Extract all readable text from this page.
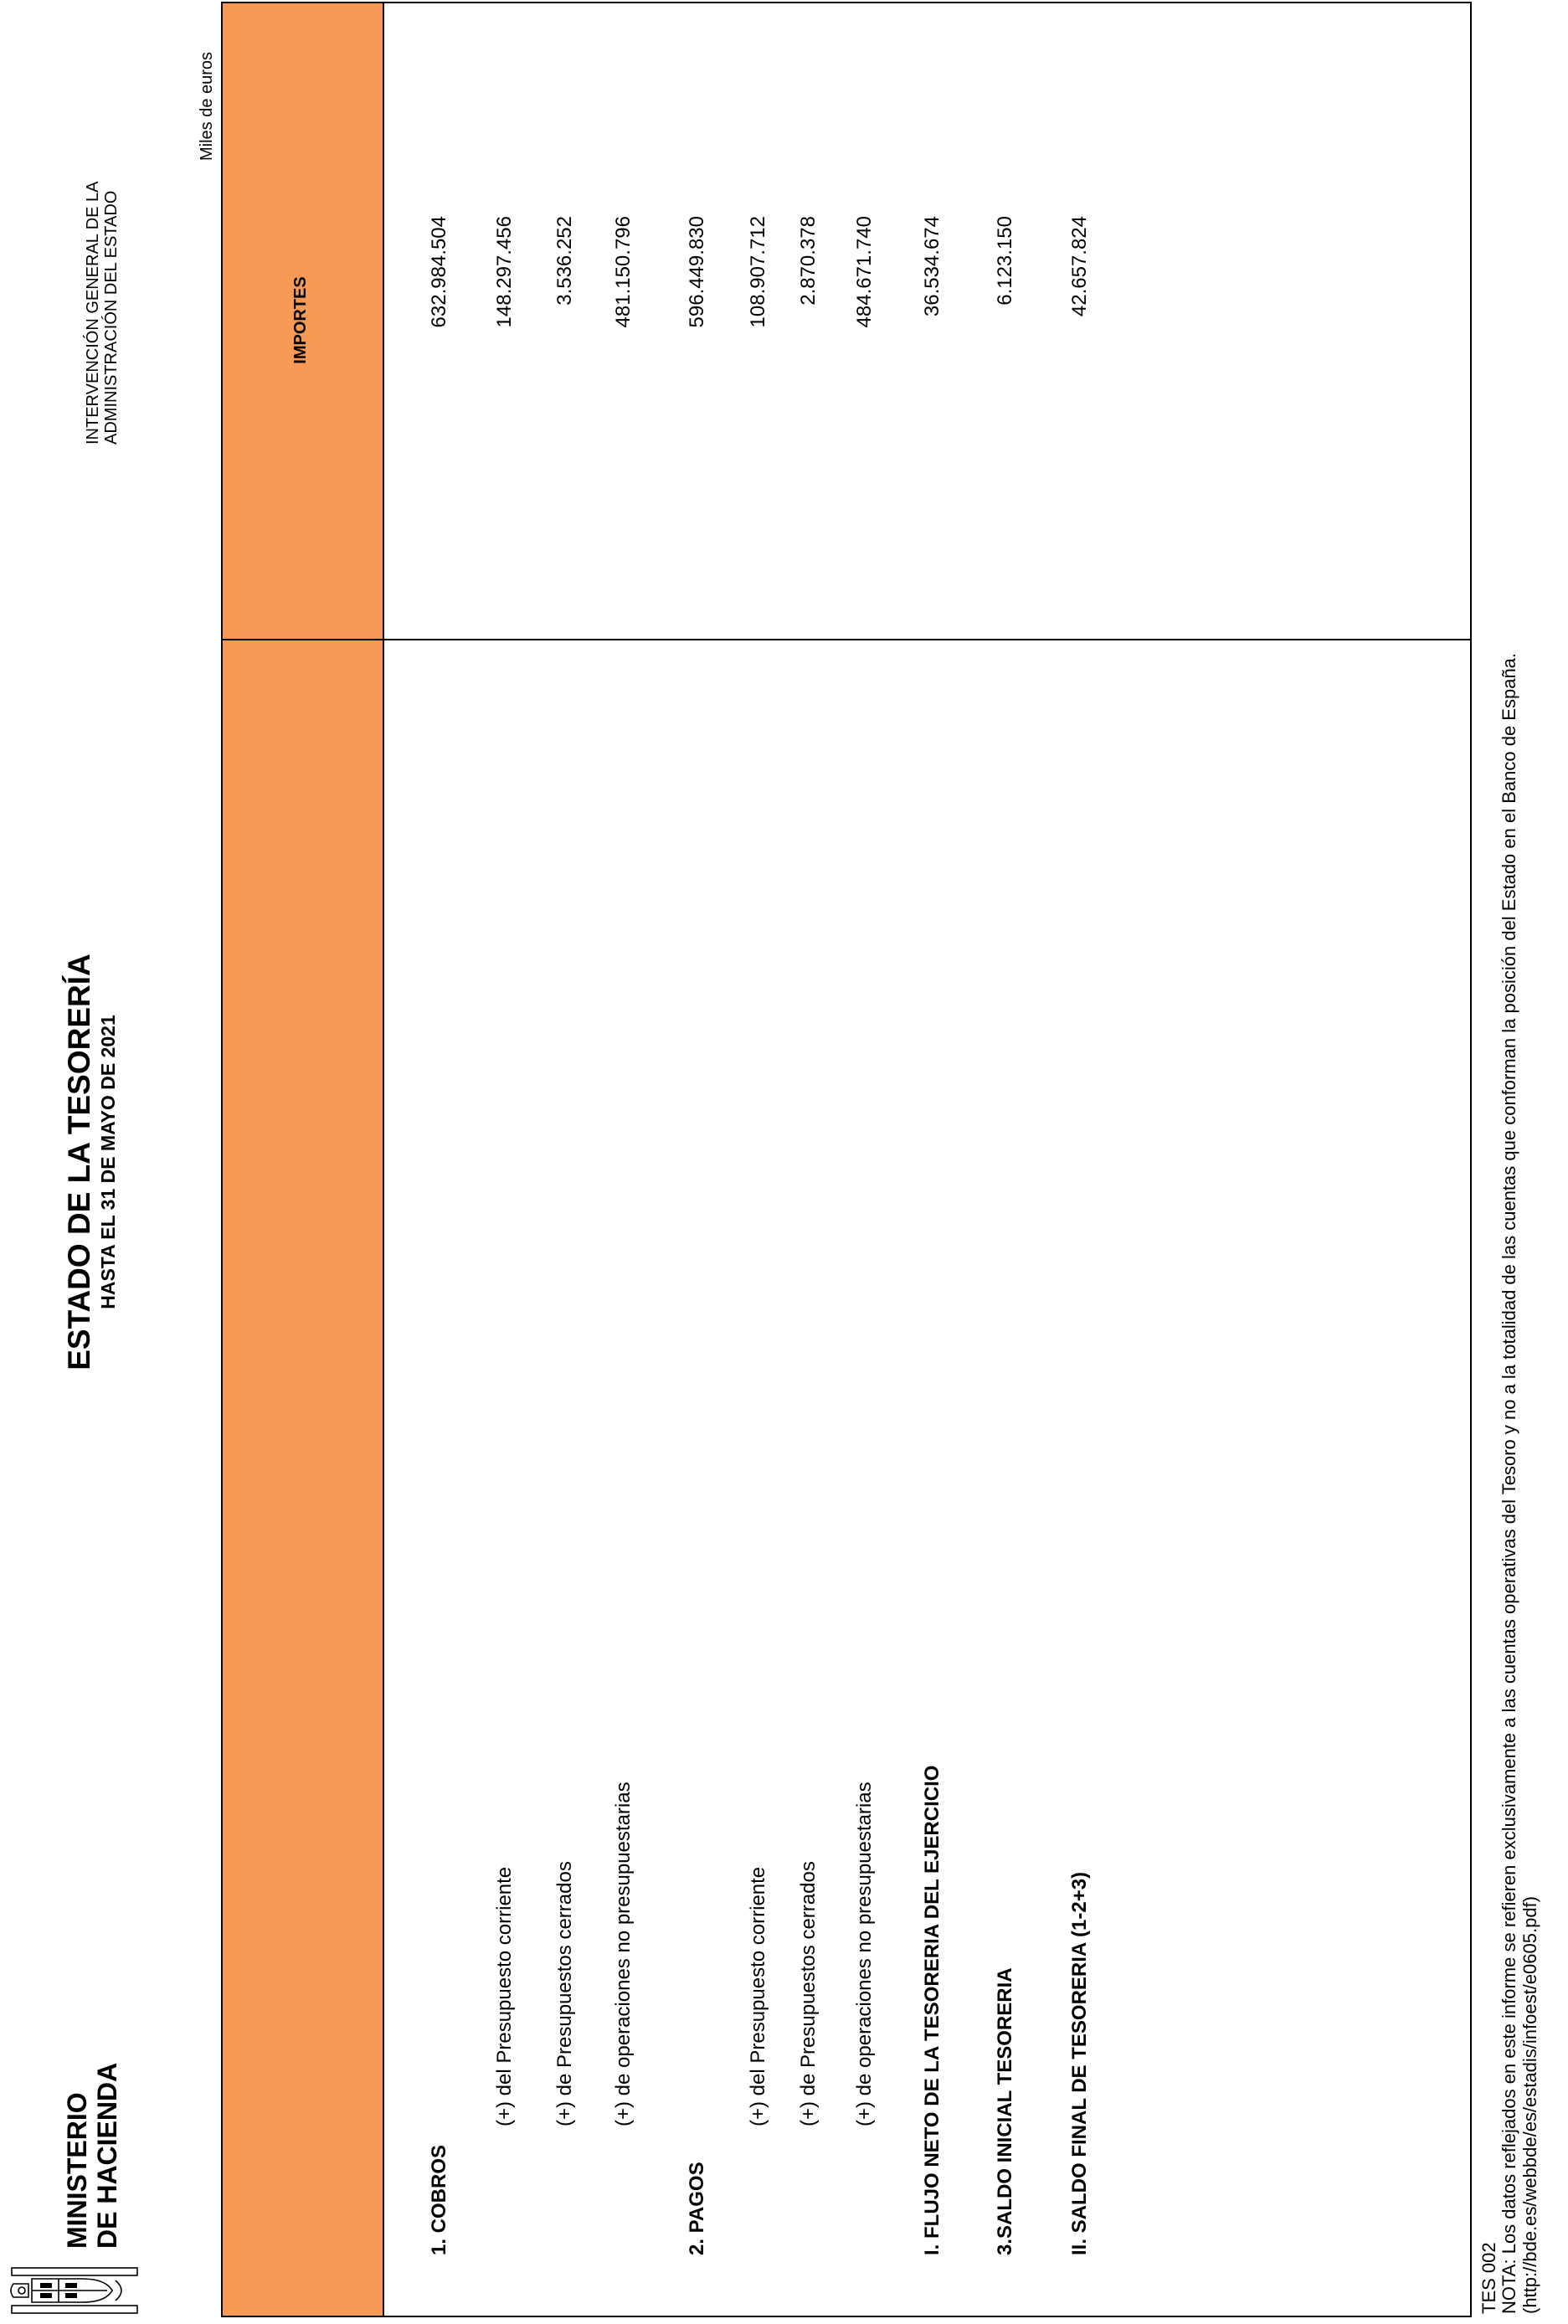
MINISTERIO DE HACIENDA
ESTADO DE LA TESORERÍA HASTA EL 31 DE MAYO DE 2021
INTERVENCIÓN GENERAL DE LA ADMINISTRACIÓN DEL ESTADO
Miles de euros
IMPORTES
1. COBROS
632.984.504
(+) del Presupuesto corriente
148.297.456
(+) de Presupuestos cerrados
3.536.252
(+) de operaciones no presupuestarias
481.150.796
2. PAGOS
596.449.830
(+) del Presupuesto corriente
108.907.712
(+) de Presupuestos cerrados
2.870.378
(+) de operaciones no presupuestarias
484.671.740
I. FLUJO NETO DE LA TESORERIA DEL EJERCICIO
36.534.674
3.SALDO INICIAL TESORERIA
6.123.150
II. SALDO FINAL DE TESORERIA (1-2+3)
42.657.824
TES 002 NOTA: Los datos reflejados en este informe se refieren exclusivamente a las cuentas operativas del Tesoro y no a la totalidad de las cuentas que conforman la posición del Estado en el Banco de España. (http://bde.es/webbde/es/estadis/infoest/e0605.pdf)
